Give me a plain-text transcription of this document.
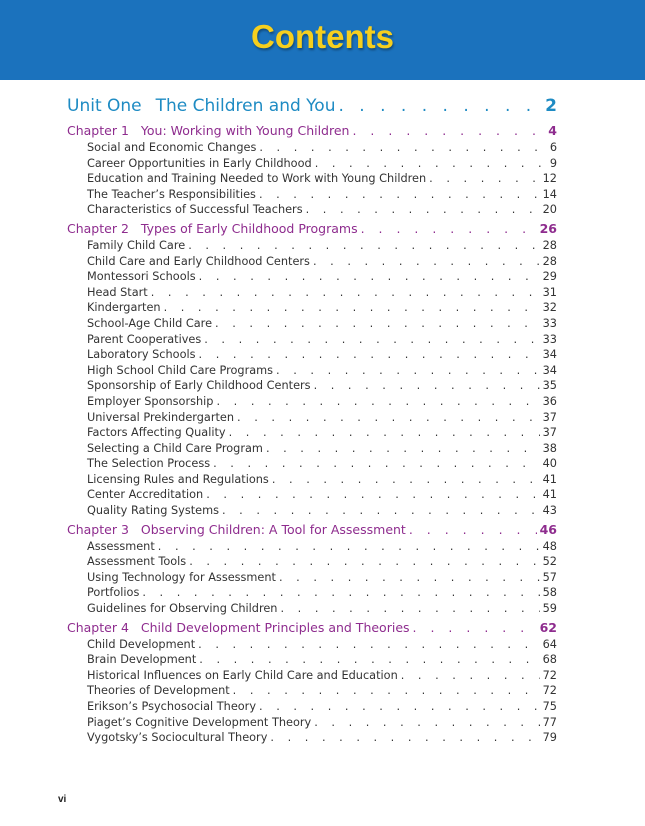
Contents
Unit One The Children and You . . .	2
Chapter 1 You: Working with Young Children . . .	4
Social and Economic Changes . . .	6
Career Opportunities in Early Childhood . . .	9
Education and Training Needed to Work with Young Children . . .	12
The Teacher’s Responsibilities . . .	14
Characteristics of Successful Teachers . . .	20
Chapter 2 Types of Early Childhood Programs . . .	26
Family Child Care . . .	28
Child Care and Early Childhood Centers . . .	28
Montessori Schools . . .	29
Head Start . . .	31
Kindergarten . . .	32
School-Age Child Care . . .	33
Parent Cooperatives . . .	33
Laboratory Schools . . .	34
High School Child Care Programs . . .	34
Sponsorship of Early Childhood Centers . . .	35
Employer Sponsorship . . .	36
Universal Prekindergarten . . .	37
Factors Affecting Quality . . .	37
Selecting a Child Care Program . . .	38
The Selection Process . . .	40
Licensing Rules and Regulations . . .	41
Center Accreditation . . .	41
Quality Rating Systems . . .	43
Chapter 3 Observing Children: A Tool for Assessment . . .	46
Assessment . . .	48
Assessment Tools . . .	52
Using Technology for Assessment . . .	57
Portfolios . . .	58
Guidelines for Observing Children . . .	59
Chapter 4 Child Development Principles and Theories . . .	62
Child Development . . .	64
Brain Development . . .	68
Historical Influences on Early Child Care and Education . . .	72
Theories of Development . . .	72
Erikson’s Psychosocial Theory . . .	75
Piaget’s Cognitive Development Theory . . .	77
Vygotsky’s Sociocultural Theory . . .	79
vi
